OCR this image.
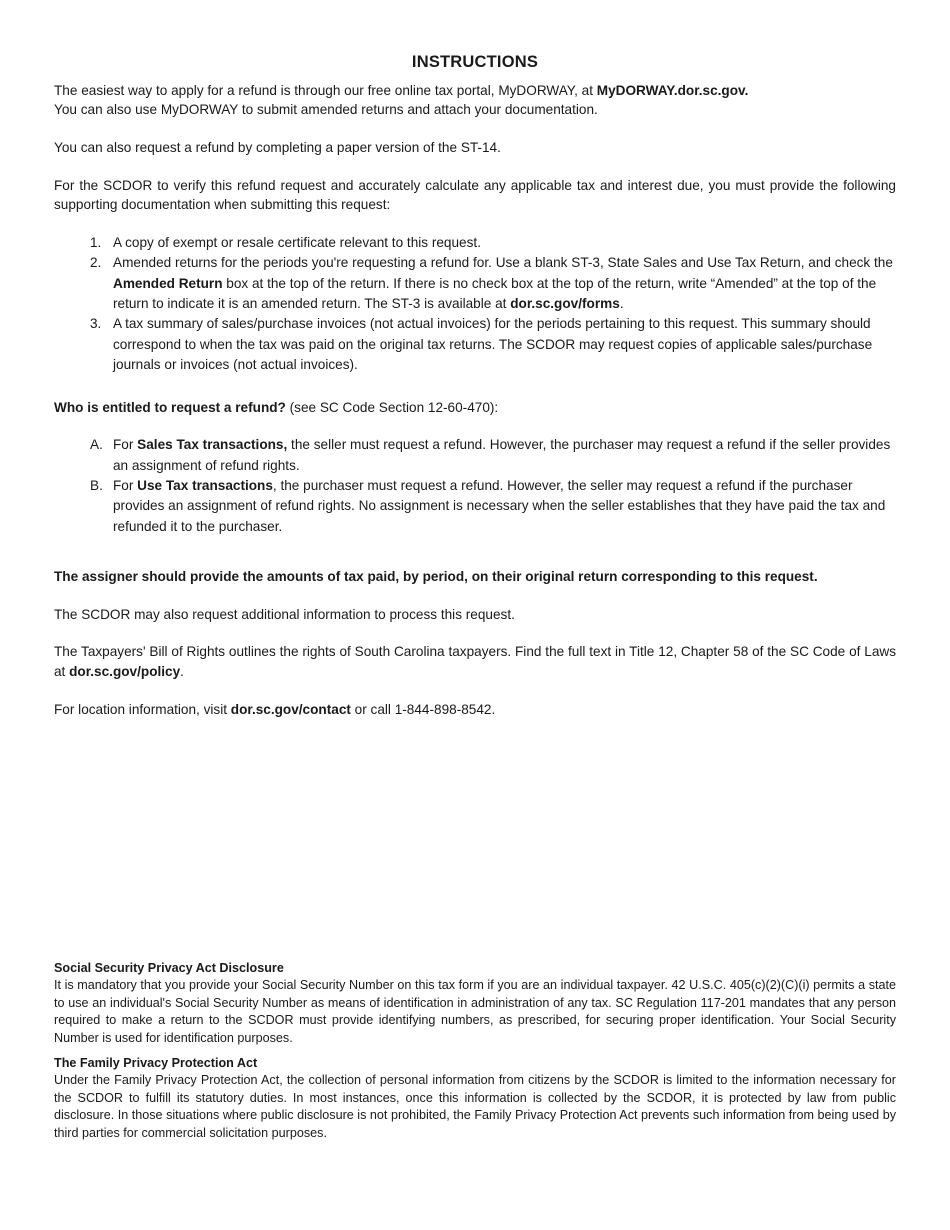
INSTRUCTIONS

The easiest way to apply for a refund is through our free online tax portal, MyDORWAY, at MyDORWAY.dor.sc.gov.
You can also use MyDORWAY to submit amended returns and attach your documentation.

You can also request a refund by completing a paper version of the ST-14.

For the SCDOR to verify this refund request and accurately calculate any applicable tax and interest due, you must provide the following supporting documentation when submitting this request:

1. A copy of exempt or resale certificate relevant to this request.
2. Amended returns for the periods you're requesting a refund for. Use a blank ST-3, State Sales and Use Tax Return, and check the Amended Return box at the top of the return. If there is no check box at the top of the return, write “Amended” at the top of the return to indicate it is an amended return. The ST-3 is available at dor.sc.gov/forms.
3. A tax summary of sales/purchase invoices (not actual invoices) for the periods pertaining to this request. This summary should correspond to when the tax was paid on the original tax returns. The SCDOR may request copies of applicable sales/purchase journals or invoices (not actual invoices).

Who is entitled to request a refund? (see SC Code Section 12-60-470):

A. For Sales Tax transactions, the seller must request a refund. However, the purchaser may request a refund if the seller provides an assignment of refund rights.
B. For Use Tax transactions, the purchaser must request a refund. However, the seller may request a refund if the purchaser provides an assignment of refund rights. No assignment is necessary when the seller establishes that they have paid the tax and refunded it to the purchaser.

The assigner should provide the amounts of tax paid, by period, on their original return corresponding to this request.

The SCDOR may also request additional information to process this request.

The Taxpayers' Bill of Rights outlines the rights of South Carolina taxpayers. Find the full text in Title 12, Chapter 58 of the SC Code of Laws at dor.sc.gov/policy.

For location information, visit dor.sc.gov/contact or call 1-844-898-8542.

Social Security Privacy Act Disclosure

It is mandatory that you provide your Social Security Number on this tax form if you are an individual taxpayer. 42 U.S.C. 405(c)(2)(C)(i) permits a state to use an individual's Social Security Number as means of identification in administration of any tax. SC Regulation 117-201 mandates that any person required to make a return to the SCDOR must provide identifying numbers, as prescribed, for securing proper identification. Your Social Security Number is used for identification purposes.

The Family Privacy Protection Act

Under the Family Privacy Protection Act, the collection of personal information from citizens by the SCDOR is limited to the information necessary for the SCDOR to fulfill its statutory duties. In most instances, once this information is collected by the SCDOR, it is protected by law from public disclosure. In those situations where public disclosure is not prohibited, the Family Privacy Protection Act prevents such information from being used by third parties for commercial solicitation purposes.
